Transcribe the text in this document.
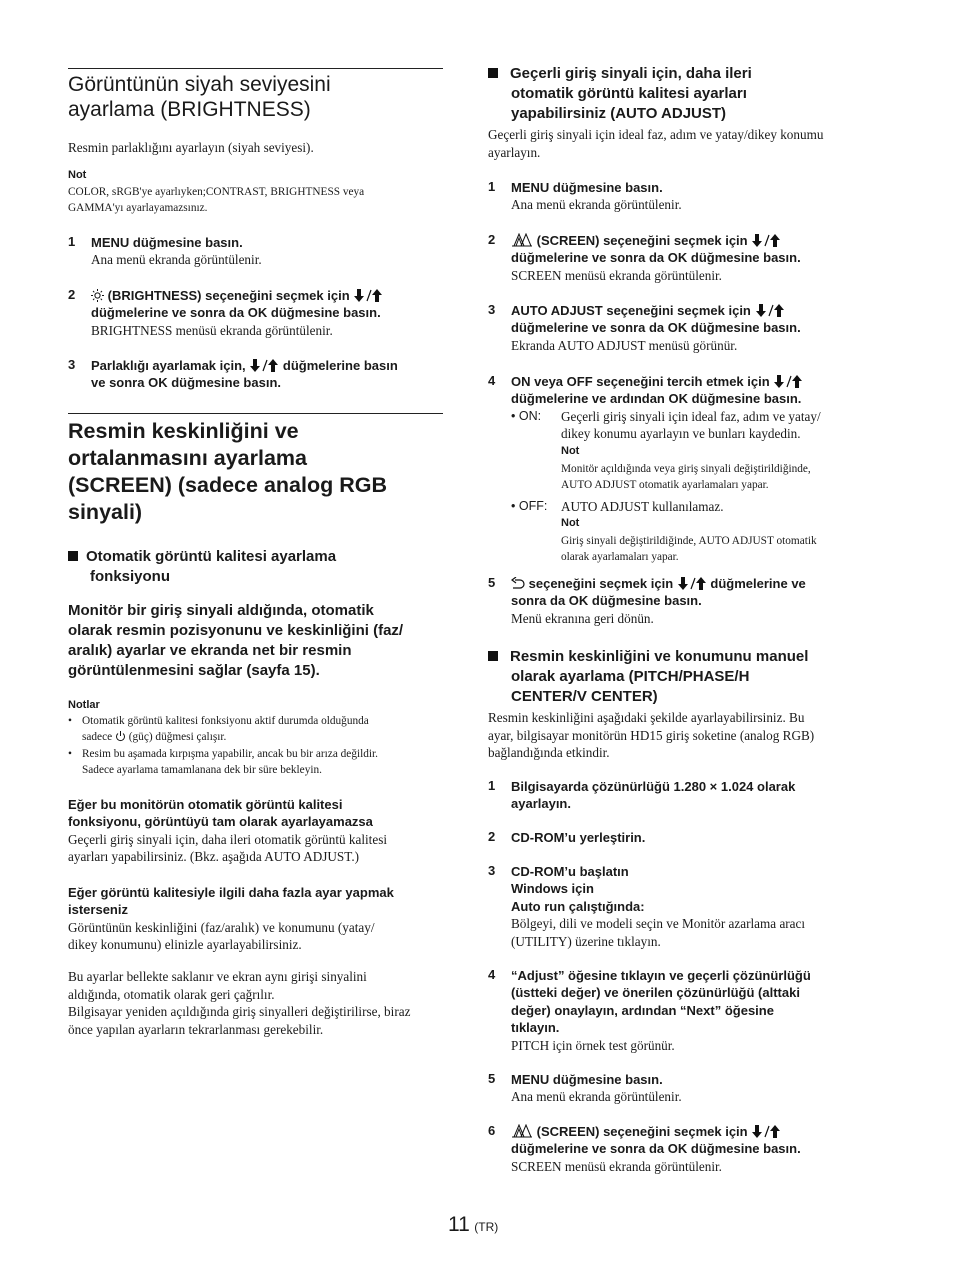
Görüntünün siyah seviyesini
ayarlama (BRIGHTNESS)
Resmin parlaklığını ayarlayın (siyah seviyesi).
Not
COLOR, sRGB'ye ayarlıyken;CONTRAST, BRIGHTNESS veya
GAMMA'yı ayarlayamazsınız.
1 MENU düğmesine basın.
Ana menü ekranda görüntülenir.
2	(BRIGHTNESS) seçeneğini seçmek için
düğmelerine ve sonra da OK düğmesine basın.
BRIGHTNESS menüsü ekranda görüntülenir.
3 Parlaklığı ayarlamak için,	düğmelerine basın
ve sonra OK düğmesine basın.
Resmin keskinliğini ve
ortalanmasını ayarlama
(SCREEN) (sadece analog RGB
sinyali)
Otomatik görüntü kalitesi ayarlama
fonksiyonu
Monitör bir giriş sinyali aldığında, otomatik
olarak resmin pozisyonunu ve keskinliğini (faz/
aralık) ayarlar ve ekranda net bir resmin
görüntülenmesini sağlar (sayfa 15).
Notlar
• Otomatik görüntü kalitesi fonksiyonu aktif durumda olduğunda
sadece (güç) düğmesi çalışır.
• Resim bu aşamada kırpışma yapabilir, ancak bu bir arıza değildir.
Sadece ayarlama tamamlanana dek bir süre bekleyin.
Eğer bu monitörün otomatik görüntü kalitesi
fonksiyonu, görüntüyü tam olarak ayarlayamazsa
Geçerli giriş sinyali için, daha ileri otomatik görüntü kalitesi
ayarları yapabilirsiniz. (Bkz. aşağıda AUTO ADJUST.)
Eğer görüntü kalitesiyle ilgili daha fazla ayar yapmak
isterseniz
Görüntünün keskinliğini (faz/aralık) ve konumunu (yatay/
dikey konumunu) elinizle ayarlayabilirsiniz.
Bu ayarlar bellekte saklanır ve ekran aynı girişi sinyalini
aldığında, otomatik olarak geri çağrılır.
Bilgisayar yeniden açıldığında giriş sinyalleri değiştirilirse, biraz
önce yapılan ayarların tekrarlanması gerekebilir.
Geçerli giriş sinyali için, daha ileri
otomatik görüntü kalitesi ayarları
yapabilirsiniz (AUTO ADJUST)
Geçerli giriş sinyali için ideal faz, adım ve yatay/dikey konumu
ayarlayın.
1 MENU düğmesine basın.
Ana menü ekranda görüntülenir.
2	(SCREEN) seçeneğini seçmek için
düğmelerine ve sonra da OK düğmesine basın.
SCREEN menüsü ekranda görüntülenir.
3 AUTO ADJUST seçeneğini seçmek için
düğmelerine ve sonra da OK düğmesine basın.
Ekranda AUTO ADJUST menüsü görünür.
4 ON veya OFF seçeneğini tercih etmek için
düğmelerine ve ardından OK düğmesine basın.
• ON: Geçerli giriş sinyali için ideal faz, adım ve yatay/
dikey konumu ayarlayın ve bunları kaydedin.
Not
Monitör açıldığında veya giriş sinyali değiştirildiğinde,
AUTO ADJUST otomatik ayarlamaları yapar.
• OFF: AUTO ADJUST kullanılamaz.
Not
Giriş sinyali değiştirildiğinde, AUTO ADJUST otomatik
olarak ayarlamaları yapar.
5	seçeneğini seçmek için	düğmelerine ve
sonra da OK düğmesine basın.
Menü ekranına geri dönün.
Resmin keskinliğini ve konumunu manuel
olarak ayarlama (PITCH/PHASE/H
CENTER/V CENTER)
Resmin keskinliğini aşağıdaki şekilde ayarlayabilirsiniz. Bu
ayar, bilgisayar monitörün HD15 giriş soketine (analog RGB)
bağlandığında etkindir.
1 Bilgisayarda çözünürlüğü 1.280 × 1.024 olarak
ayarlayın.
2 CD-ROM’u yerleştirin.
3 CD-ROM’u başlatın
Windows için
Auto run çalıştığında:
Bölgeyi, dili ve modeli seçin ve Monitör azarlama aracı
(UTILITY) üzerine tıklayın.
4 “Adjust” öğesine tıklayın ve geçerli çözünürlüğü
(üstteki değer) ve önerilen çözünürlüğü (alttaki
değer) onaylayın, ardından “Next” öğesine
tıklayın.
PITCH için örnek test görünür.
5 MENU düğmesine basın.
Ana menü ekranda görüntülenir.
6	(SCREEN) seçeneğini seçmek için
düğmelerine ve sonra da OK düğmesine basın.
SCREEN menüsü ekranda görüntülenir.
11 (TR)
